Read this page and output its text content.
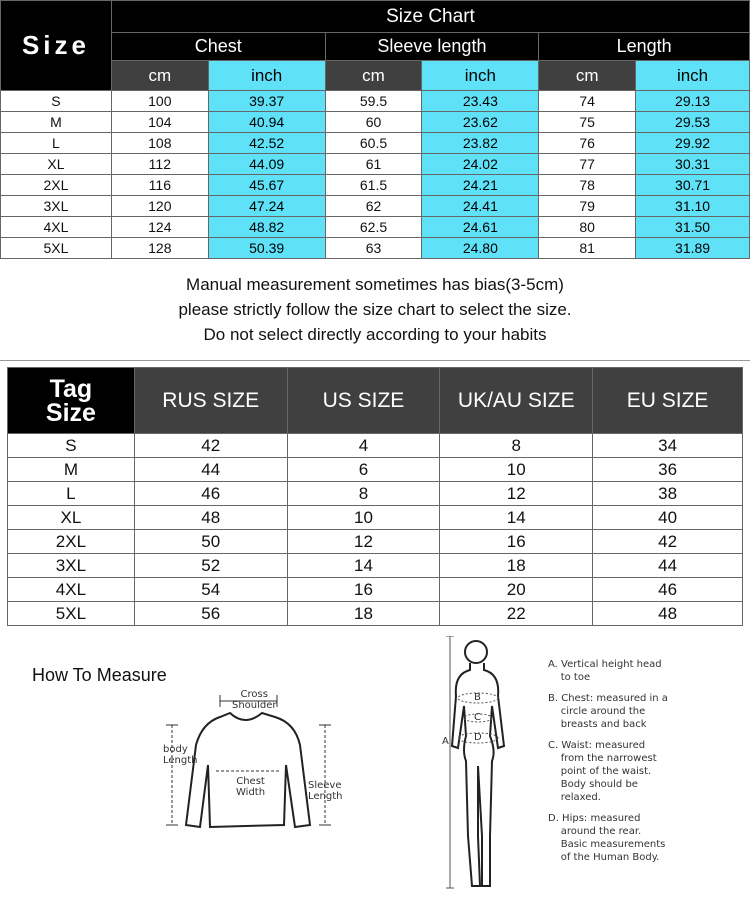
Size	Size Chart					
	Chest		Sleeve length		Length	
	cm	inch	cm	inch	cm	inch
S	100	39.37	59.5	23.43	74	29.13
M	104	40.94	60	23.62	75	29.53
L	108	42.52	60.5	23.82	76	29.92
XL	112	44.09	61	24.02	77	30.31
2XL	116	45.67	61.5	24.21	78	30.71
3XL	120	47.24	62	24.41	79	31.10
4XL	124	48.82	62.5	24.61	80	31.50
5XL	128	50.39	63	24.80	81	31.89
Manual measurement sometimes has bias(3-5cm)
please strictly follow the size chart to select the size.
Do not select directly according to your habits
Tag
Size	RUS SIZE	US SIZE	UK/AU SIZE	EU SIZE
S	42	4	8	34
M	44	6	10	36
L	46	8	12	38
XL	48	10	14	40
2XL	50	12	16	42
3XL	52	14	18	44
4XL	54	16	20	46
5XL	56	18	22	48
How To Measure
Cross
Shoulder
body
Length
Chest
Width
Sleeve
Length
A
B
C
D
A. Vertical height head
to toe
B. Chest: measured in a
circle around the
breasts and back
C. Waist: measured
from the narrowest
point of the waist.
Body should be
relaxed.
D. Hips: measured
around the rear.
Basic measurements
of the Human Body.
